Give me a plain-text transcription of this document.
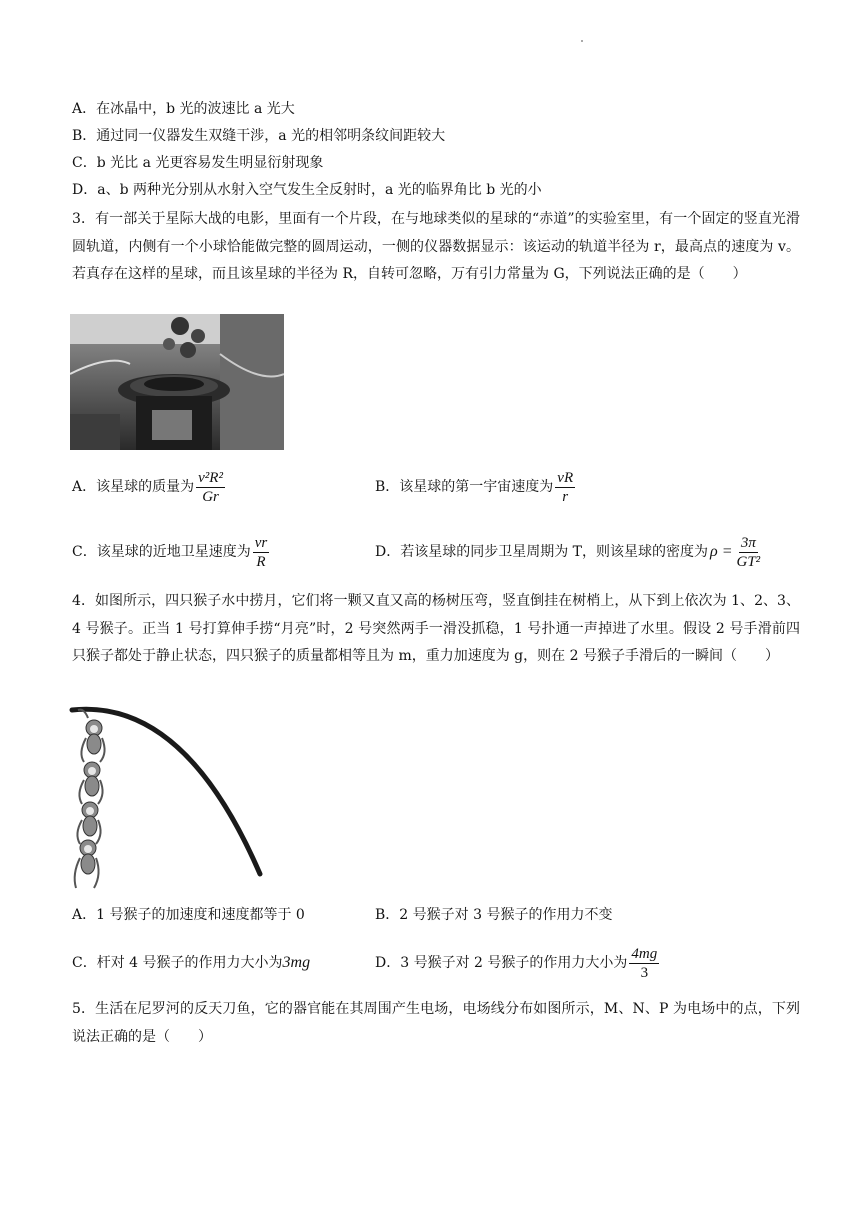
A．在冰晶中，b 光的波速比 a 光大
B．通过同一仪器发生双缝干涉，a 光的相邻明条纹间距较大
C．b 光比 a 光更容易发生明显衍射现象
D．a、b 两种光分别从水射入空气发生全反射时，a 光的临界角比 b 光的小
3．有一部关于星际大战的电影，里面有一个片段，在与地球类似的星球的“赤道”的实验室里，有一个固定的竖直光滑圆轨道，内侧有一个小球恰能做完整的圆周运动，一侧的仪器数据显示：该运动的轨道半径为 r，最高点的速度为 v。若真存在这样的星球，而且该星球的半径为 R，自转可忽略，万有引力常量为 G，下列说法正确的是（　　）
A．该星球的质量为 $\frac{\text{v²R²}}{Gr}$	B．该星球的第一宇宙速度为 $\frac{vR}{r}$
C．该星球的近地卫星速度为 $\frac{vr}{R}$	D．若该星球的同步卫星周期为 T，则该星球的密度为 $\rho = \frac{3\pi}{\text{GT²}}$
4．如图所示，四只猴子水中捞月，它们将一颗又直又高的杨树压弯，竖直倒挂在树梢上，从下到上依次为 1、2、3、4 号猴子。正当 1 号打算伸手捞“月亮”时，2 号突然两手一滑没抓稳，1 号扑通一声掉进了水里。假设 2 号手滑前四只猴子都处于静止状态，四只猴子的质量都相等且为 m，重力加速度为 g，则在 2 号猴子手滑后的一瞬间（　　）
A．1 号猴子的加速度和速度都等于 0	B．2 号猴子对 3 号猴子的作用力不变
C．杆对 4 号猴子的作用力大小为 3mg	D．3 号猴子对 2 号猴子的作用力大小为 $\frac{4mg}{3}$
5．生活在尼罗河的反天刀鱼，它的器官能在其周围产生电场，电场线分布如图所示，M、N、P 为电场中的点，下列说法正确的是（　　）
